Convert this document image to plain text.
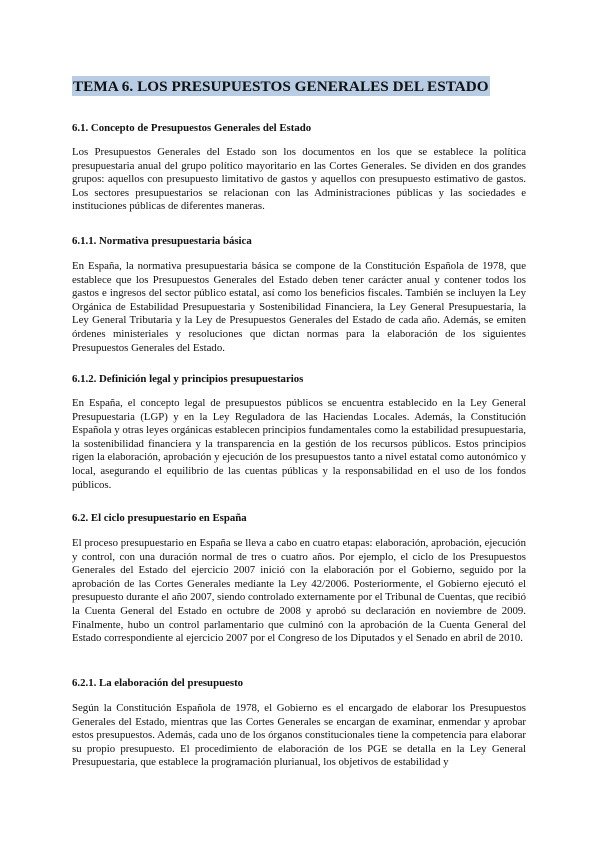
TEMA 6. LOS PRESUPUESTOS GENERALES DEL ESTADO
6.1. Concepto de Presupuestos Generales del Estado

Los Presupuestos Generales del Estado son los documentos en los que se establece la política presupuestaria anual del grupo político mayoritario en las Cortes Generales. Se dividen en dos grandes grupos: aquellos con presupuesto limitativo de gastos y aquellos con presupuesto estimativo de gastos. Los sectores presupuestarios se relacionan con las Administraciones públicas y las sociedades e instituciones públicas de diferentes maneras.

6.1.1. Normativa presupuestaria básica

En España, la normativa presupuestaria básica se compone de la Constitución Española de 1978, que establece que los Presupuestos Generales del Estado deben tener carácter anual y contener todos los gastos e ingresos del sector público estatal, así como los beneficios fiscales. También se incluyen la Ley Orgánica de Estabilidad Presupuestaria y Sostenibilidad Financiera, la Ley General Presupuestaria, la Ley General Tributaria y la Ley de Presupuestos Generales del Estado de cada año. Además, se emiten órdenes ministeriales y resoluciones que dictan normas para la elaboración de los siguientes Presupuestos Generales del Estado.

6.1.2. Definición legal y principios presupuestarios

En España, el concepto legal de presupuestos públicos se encuentra establecido en la Ley General Presupuestaria (LGP) y en la Ley Reguladora de las Haciendas Locales. Además, la Constitución Española y otras leyes orgánicas establecen principios fundamentales como la estabilidad presupuestaria, la sostenibilidad financiera y la transparencia en la gestión de los recursos públicos. Estos principios rigen la elaboración, aprobación y ejecución de los presupuestos tanto a nivel estatal como autonómico y local, asegurando el equilibrio de las cuentas públicas y la responsabilidad en el uso de los fondos públicos.

6.2. El ciclo presupuestario en España

El proceso presupuestario en España se lleva a cabo en cuatro etapas: elaboración, aprobación, ejecución y control, con una duración normal de tres o cuatro años. Por ejemplo, el ciclo de los Presupuestos Generales del Estado del ejercicio 2007 inició con la elaboración por el Gobierno, seguido por la aprobación de las Cortes Generales mediante la Ley 42/2006. Posteriormente, el Gobierno ejecutó el presupuesto durante el año 2007, siendo controlado externamente por el Tribunal de Cuentas, que recibió la Cuenta General del Estado en octubre de 2008 y aprobó su declaración en noviembre de 2009. Finalmente, hubo un control parlamentario que culminó con la aprobación de la Cuenta General del Estado correspondiente al ejercicio 2007 por el Congreso de los Diputados y el Senado en abril de 2010.

6.2.1. La elaboración del presupuesto

Según la Constitución Española de 1978, el Gobierno es el encargado de elaborar los Presupuestos Generales del Estado, mientras que las Cortes Generales se encargan de examinar, enmendar y aprobar estos presupuestos. Además, cada uno de los órganos constitucionales tiene la competencia para elaborar su propio presupuesto. El procedimiento de elaboración de los PGE se detalla en la Ley General Presupuestaria, que establece la programación plurianual, los objetivos de estabilidad y
